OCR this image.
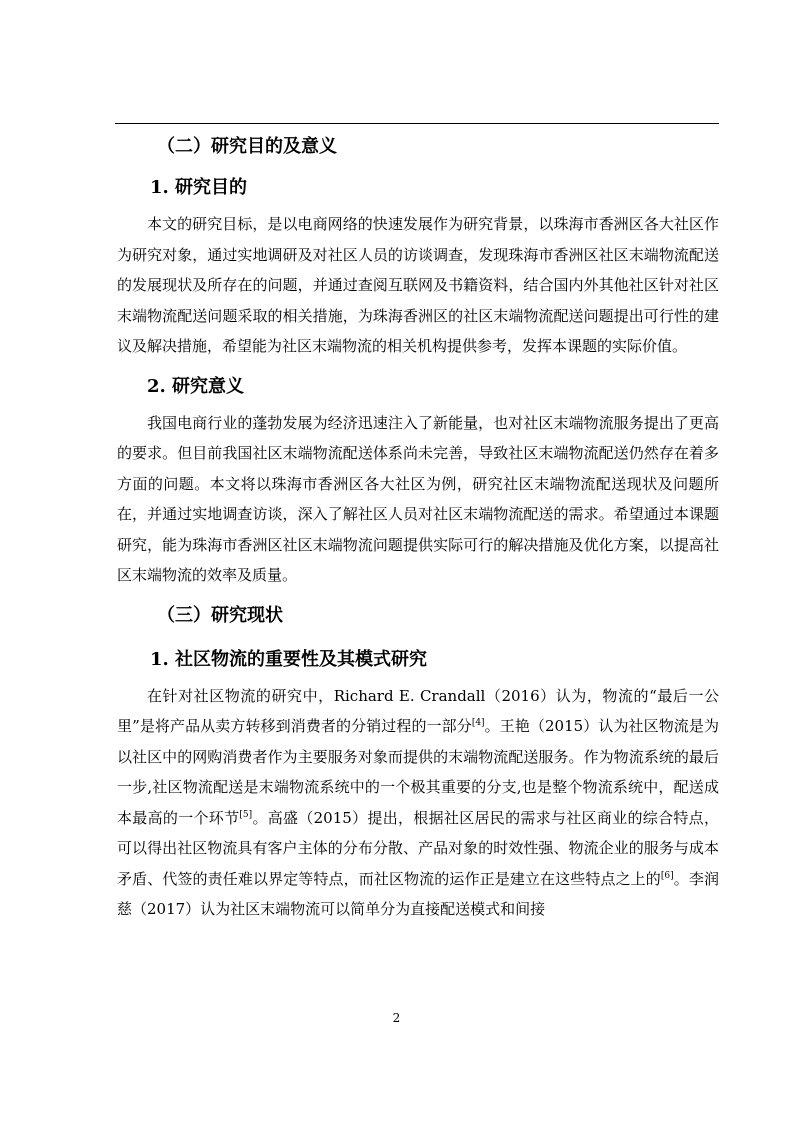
（二）研究目的及意义
1. 研究目的

本文的研究目标，是以电商网络的快速发展作为研究背景，以珠海市香洲区各大社区作为研究对象，通过实地调研及对社区人员的访谈调查，发现珠海市香洲区社区末端物流配送的发展现状及所存在的问题，并通过查阅互联网及书籍资料，结合国内外其他社区针对社区末端物流配送问题采取的相关措施，为珠海香洲区的社区末端物流配送问题提出可行性的建议及解决措施，希望能为社区末端物流的相关机构提供参考，发挥本课题的实际价值。

2. 研究意义

我国电商行业的蓬勃发展为经济迅速注入了新能量，也对社区末端物流服务提出了更高的要求。但目前我国社区末端物流配送体系尚未完善，导致社区末端物流配送仍然存在着多方面的问题。本文将以珠海市香洲区各大社区为例，研究社区末端物流配送现状及问题所在，并通过实地调查访谈，深入了解社区人员对社区末端物流配送的需求。希望通过本课题研究，能为珠海市香洲区社区末端物流问题提供实际可行的解决措施及优化方案，以提高社区末端物流的效率及质量。

（三）研究现状
1. 社区物流的重要性及其模式研究

在针对社区物流的研究中，Richard E. Crandall（2016）认为，物流的“最后一公里”是将产品从卖方转移到消费者的分销过程的一部分[4]。王艳（2015）认为社区物流是为以社区中的网购消费者作为主要服务对象而提供的末端物流配送服务。作为物流系统的最后一步,社区物流配送是末端物流系统中的一个极其重要的分支,也是整个物流系统中，配送成本最高的一个环节[5]。高盛（2015）提出，根据社区居民的需求与社区商业的综合特点，可以得出社区物流具有客户主体的分布分散、产品对象的时效性强、物流企业的服务与成本矛盾、代签的责任难以界定等特点，而社区物流的运作正是建立在这些特点之上的[6]。李润慈（2017）认为社区末端物流可以简单分为直接配送模式和间接

2
